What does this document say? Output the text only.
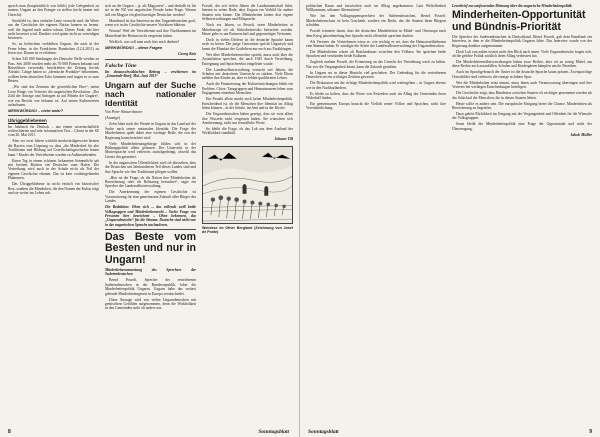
sprach man (hauptsächlich von höhls) jede Gelegenheit zu nutzen, Ungarn an den Pranger zu stellen (nicht immer mit Unrecht).

Stockfeld ist, dass einfache Leute versucht sind, die Werte aus der Geschichte der eigenen Nation kennen zu lernen, weil die Jugend nach außen schaut. Dieses Ende, das hier nicht bewertet wird. Darüber wird später nicht zu verteidigen bewiesen.

So, zu befürchten verbleiben Ungarn, die auch in der Ferne leben, in der Frankfurter Rundschau (12.4.2011) zu lesen war. Darum ist es erfahren:

Schon 345 000 Sendungen der Deutsche Welle werden zu Pass. Seit 2000 wurden mehr als 70 000 Firmen bekannt und Reiseführer verwendet, beschrieben die Zeitung Jewish Adriatic. Länge hatten so „identische Produkte“ bekommen, wollten beim deutschen Echo kämmen und tragen es so zum Besten.

„Wir sind das Zentrum der gewerblichen Ehre“, meint Liese Ringe, ein Vertreter der ungarischen Revolution: „Der Zahl der Anträge und Anfragen ist auf Mitteln der Ungarn“, wie ein Bericht wer bekannt ist. Auf neuen Kulturwerten aufzubauen.

MERKWÜRDIG! – nicht wahr?
Übriggebliebenen

Im Jahrbuch für Deutsch – aus einem wissenschaftlich recherchierten und sehr informativen Text – Glosse in der SZ vom 20. Mai 2011.

Aber vor zwei Jahren wirklich merkwürdigerweise lernten die Bayern vom Ursprung so, dass „die Minderheit für alte Traditionen und Bildung auf Gesellschaftsgeschichte bauen kann.“ Kinder der Vertriebenen wurden zu Außenstehenden.

Einen Tag in einem schönen, bekannten Sonnenlicht sah mit breitem Rücken ein Deutscher zum Hafen. Die Vertreibung wird auch in der Schule nicht als Teil der eigenen Geschichte erkannt. Das ist kein vorübergehendes Phänomen.

Das Übriggebliebene ist nicht einfach ein historischer Rest, sondern die Minderheit, die den Namen der Kultur trägt und sie weiter ins Leben ruft.

sich an die Ungarn – ja, als Magyaren! – und deshalb ist für sie in der NZ von ungarischer Freude keine Frage. Warum soll ein Magyar ein gleichwertiger Deutscher werden?

Manchmal ist das Interesse an den Ungarndeutschen groß, wenn wir in der Geschichte unserer Vorfahren blättern.

Warum? Weil die Vertriebenen und ihre Nachkommen im Mutterland die Heimat nicht vergessen haben.

Wirklich, was soll man noch hier noch denken?

MERKWÜRDIG! – diese Fragen
Georg Keiz
Falsche Töne

Im donauschwäbischen Beitrag – erschienen im „Gemeinde-Brief, Mai–Juni 2011“

Ungarn auf der Suche nach nationaler Identität
Von Peter Wassertheurer
(Auszüge)

Zehn Jahre nach der Wende in Ungarn ist das Land auf der Suche nach seiner nationalen Identität. Die Frage der Minderheiten spielt dabei eine wichtige Rolle, die von der Regierung kaum beachtet wird.

Viele Minderheitenangehörige fühlen sich in der Bildungspolitik allein gelassen. Der Unterricht in der Muttersprache wird vielerorts zurückgedrängt, obwohl das Gesetz ihn garantiert.

In der ungarischen Öffentlichkeit wird oft übersehen, dass die Deutschen seit Jahrhunderten Teil dieses Landes sind und ihre Sprache wie ihre Traditionen pflegen wollen.

„Hier ist die Frage, ob die Nation ihre Minderheiten als Bereicherung oder als Belastung betrachtet“, sagte ein Sprecher der Landesselbstverwaltung.

Die Anerkennung der eigenen Geschichte ist Voraussetzung für eine gemeinsame Zukunft aller Bürger des Landes.

Die Redaktion: Ohne sich ... das vollends weiß beide Volksgruppen und Minderheitenrecht – Sache Frage von Personen hier bezeichnet – Ohne bekennen, das „Ungarndeutsche“ für die Stimme. Deutsche sind nicht nur in der ungarischen Sprache nachzulesen.

Das Beste vom Besten und nur in Ungarn!

Minderheitenumsetzung des Sprechers der Sudetendeutschen

Bernd Posselt, Sprecher der vertriebenen Sudetendeutschen in der Bundesrepublik, lobte die Minderheitenpolitik Ungarns. Ungarn habe das weitest gehende Minderheitengesetz in Europa verabschiedet.

Diese Aussage wird von vielen Ungarndeutschen mit gemischten Gefühlen aufgenommen, denn die Wirklichkeit in den Gemeinden sieht oft anders aus.

Posselt, der seit vielen Jahren die Landsmannschaft führt, betonte in seiner Rede, dass Ungarn ein Vorbild für andere Staaten sein könne. Die Minderheiten hätten dort eigene Selbstverwaltungen und Mitsprache.

Noch vor Jahren, so Posselt, seien Minderheiten in Mitteleuropa oft als Sicherheitsrisiko betrachtet worden. Heute gehe es um Partnerschaft und gegenseitiges Vertrauen.

Doch in vielen Dörfern ist die deutsche Sprache kaum noch zu hören. Die junge Generation spricht Ungarisch und kennt die Mundart der Großeltern nur noch aus Erzählungen.

Wer über Minderheitenrechte spricht, muss auch über die Assimilation sprechen, die nach 1945 durch Vertreibung, Enteignung und Sprachverbot eingeleitet wurde.

Die Landesselbstverwaltung versucht seit Jahren, die Schulen mit deutschem Unterricht zu stärken. Viele Eltern melden ihre Kinder an, aber es fehlen qualifizierte Lehrer.

Auch die Finanzierung der Kultureinrichtungen bleibt ein Problem. Chöre, Tanzgruppen und Heimatmuseen leben vom Engagement einzelner Menschen.

Ein Festakt allein macht noch keine Minderheitenpolitik. Entscheidend ist, ob die Menschen ihre Identität im Alltag leben können – in der Schule, im Amt und in der Kirche.

Die Ungarndeutschen haben gezeigt, dass sie trotz allem ihre Wurzeln nicht vergessen haben. Sie wünschen sich Anerkennung, nicht nur freundliche Worte.

So bleibt die Frage, ob das Lob aus dem Ausland der Wirklichkeit standhält.

Johann Till
Weinlese im Ofner Bergland (Zeichnung von Josef de Ponte)
8	Sonntagsblatt

politischen Raum und inzwischen auch im Alltag angekommen. Laut Weltoffenheit Willkommen, seltsame Alternativen?

Wie bei den Volksgruppensprechern der Sudetendeutschen, Bernd Posselt: Minderheitenschutz ist kein Geschenk, sondern ein Recht, das die Staaten ihren Bürgern schulden.

Posselt erinnerte daran, dass die deutschen Minderheiten in Mittel- und Osteuropa nach dem Krieg jahrzehntelang ihre Sprache nicht öffentlich sprechen durften.

Als Vertreter der Vertriebenen wisse er, wie wichtig es sei, dass die Heimatverbliebenen eine Stimme haben. Er würdigte die Arbeit der Landesselbstverwaltung der Ungarndeutschen.

Die Minderheiten wären oft Brückenbauer zwischen den Völkern. Sie sprächen beide Sprachen und verstünden beide Kulturen.

Zugleich mahnte Posselt, die Erinnerung an das Unrecht der Vertreibung wach zu halten. Nur wer die Vergangenheit kennt, kann die Zukunft gestalten.

In Ungarn sei in dieser Hinsicht viel geschehen. Der Gedenktag für die vertriebenen Deutschen sei ein wichtiges Zeichen gewesen.

Die Diskussion um die richtige Minderheitenpolitik wird weitergehen – in Ungarn ebenso wie in den Nachbarländern.

Es bleibt zu hoffen, dass die Worte von Festreden auch im Alltag der Gemeinden ihren Widerhall finden.

Ein gemeinsames Europa braucht die Vielfalt seiner Völker und Sprachen, nicht ihre Vereinheitlichung.

Leserbrief zur umfassenden Meinung über die ungarische Minderheitenpolitik

Minderheiten-Opportunität und Bündnis-Priorität

Die Sprecher der Sudetendeutschen in Deutschland, Bernd Posselt, gab dem Rundfunk ein Interview, in dem er die Minderheitenpolitik Ungarns lobte. Das Interview wurde von der Regierung dankbar aufgenommen.

Doch Lob von außen ersetzt nicht den Blick nach innen. Viele Ungarndeutsche fragen sich, ob die gelobte Politik wirklich ihren Alltag verbessert hat.

Die Minderheitenselbstverwaltungen haben zwar Rechte, aber oft zu wenig Mittel, um diese Rechte auch auszufüllen. Schulen und Kindergärten kämpfen um ihr Bestehen.

Auch im Sprachgebrauch der Ämter ist die deutsche Sprache kaum präsent. Zweisprachige Ortsschilder sind vielerorts die einzige sichtbare Spur.

Wer die Minderheiten ernst nimmt, muss ihnen auch Verantwortung übertragen und ihre Vertreter bei wichtigen Entscheidungen beteiligen.

Die Geschichte zeigt, dass Bündnisse zwischen Staaten oft wichtiger genommen wurden als das Schicksal der Menschen, die in diesen Staaten lebten.

Heute sollte es anders sein. Die europäische Einigung bietet die Chance, Minderheiten als Bereicherung zu begreifen.

Dazu gehört Ehrlichkeit im Umgang mit der Vergangenheit und Offenheit für die Wünsche der Volksgruppen.

Sonst bleibt die Minderheitenpolitik eine Frage der Opportunität und nicht der Überzeugung.

Jakob Müller
Sonntagsblatt	9
